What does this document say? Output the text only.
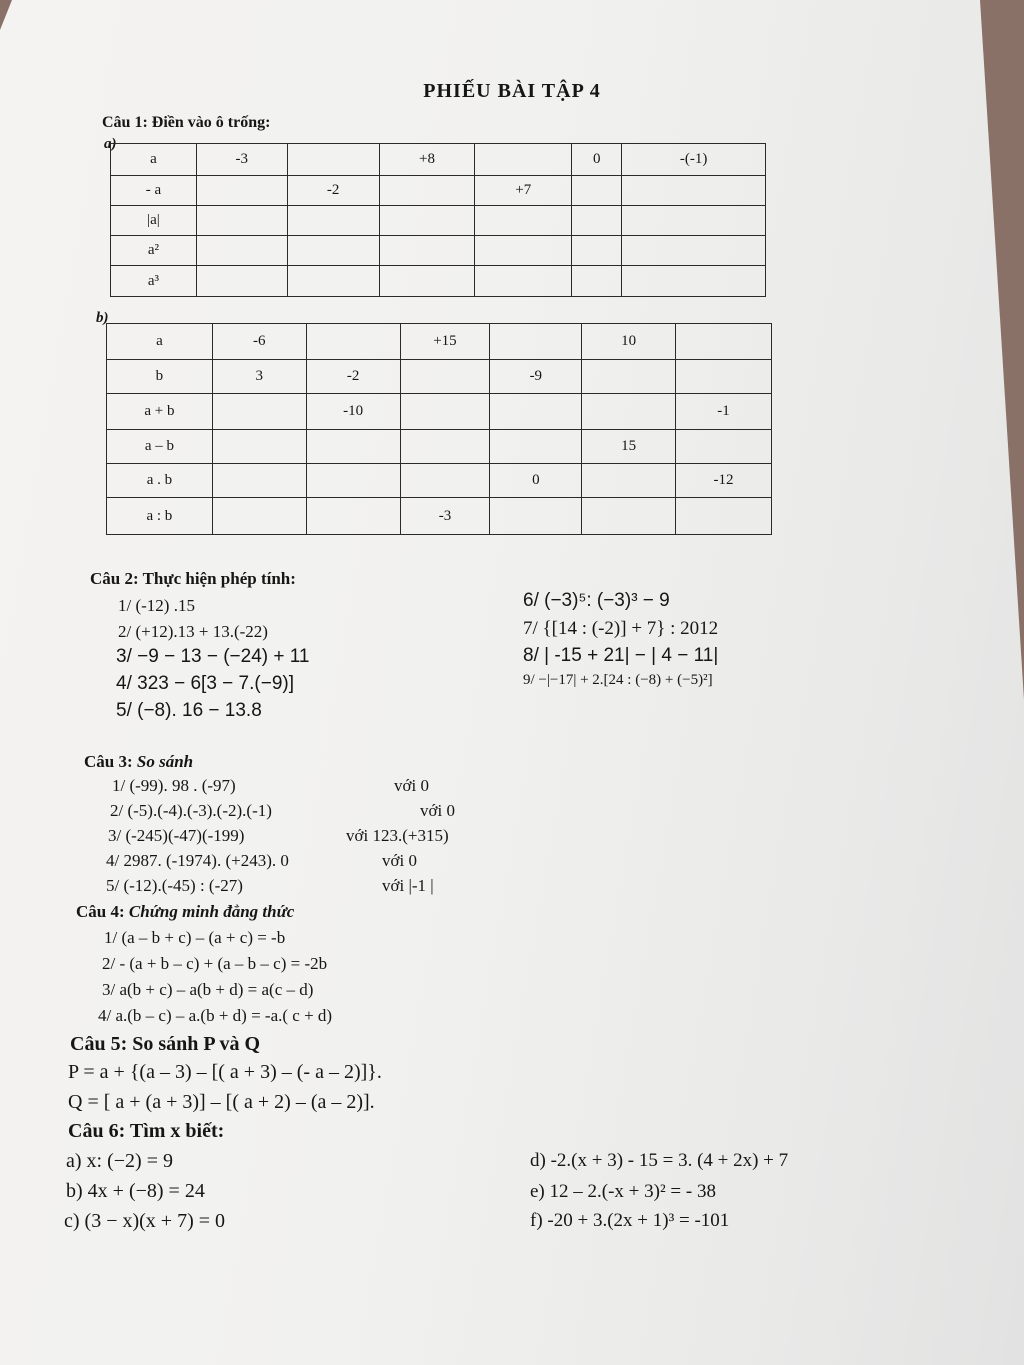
PHIẾU BÀI TẬP 4
Câu 1: Điền vào ô trống:
a)
a	-3		+8		0	-(-1)
- a		-2		+7		
|a|						
a²						
a³						
b)
a	-6		+15		10	
b	3	-2		-9		
a + b		-10				-1
a – b					15	
a . b				0		-12
a : b			-3			
Câu 2: Thực hiện phép tính:
1/ (-12) .15
2/ (+12).13 + 13.(-22)
3/ −9 − 13 − (−24) + 11
4/ 323 − 6[3 − 7.(−9)]
5/ (−8). 16 − 13.8
6/ (−3)⁵: (−3)³ − 9
7/ {[14 : (-2)] + 7} : 2012
8/ | -15 + 21| − | 4 − 11|
9/ −|−17| + 2.[24 : (−8) + (−5)²]
Câu 3: So sánh
1/ (-99). 98 . (-97)	với 0
2/ (-5).(-4).(-3).(-2).(-1)	với 0
3/ (-245)(-47)(-199)	với 123.(+315)
4/ 2987. (-1974). (+243). 0	với 0
5/ (-12).(-45) : (-27)	với |-1 |
Câu 4: Chứng minh đẳng thức
1/ (a – b + c) – (a + c) = -b
2/ - (a + b – c) + (a – b – c) = -2b
3/ a(b + c) – a(b + d) = a(c – d)
4/ a.(b – c) – a.(b + d) = -a.( c + d)
Câu 5: So sánh P và Q
P = a + {(a – 3) – [( a + 3) – (- a – 2)]}.
Q = [ a + (a + 3)] – [( a + 2) – (a – 2)].
Câu 6: Tìm x biết:
a) x: (−2) = 9
b) 4x + (−8) = 24
c) (3 − x)(x + 7) = 0
d) -2.(x + 3) - 15 = 3. (4 + 2x) + 7
e) 12 – 2.(-x + 3)² = - 38
f) -20 + 3.(2x + 1)³ = -101
